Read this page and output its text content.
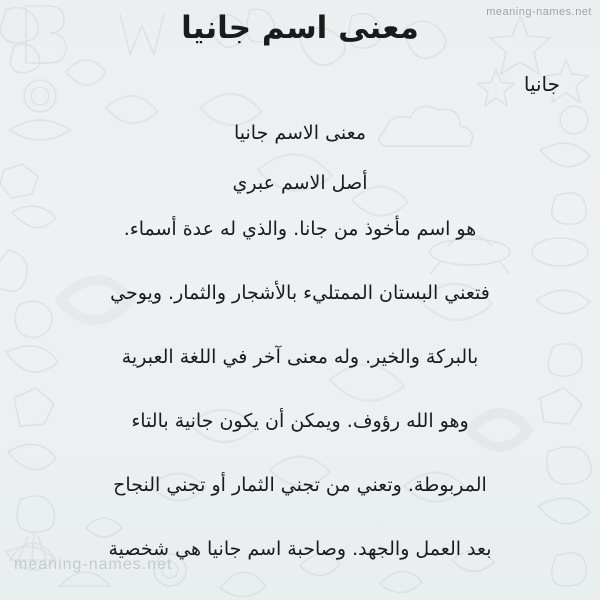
meaning-names.net
meaning-names.net
معنى اسم جانيا
جانيا
معنى الاسم جانيا
أصل الاسم عبري
هو اسم مأخوذ من جانا. والذي له عدة أسماء.
فتعني البستان الممتليء بالأشجار والثمار. ويوحي
بالبركة والخير. وله معنى آخر في اللغة العبرية
وهو الله رؤوف. ويمكن أن يكون جانية بالتاء
المربوطة. وتعني من تجني الثمار أو تجني النجاح
بعد العمل والجهد. وصاحبة اسم جانيا هي شخصية
